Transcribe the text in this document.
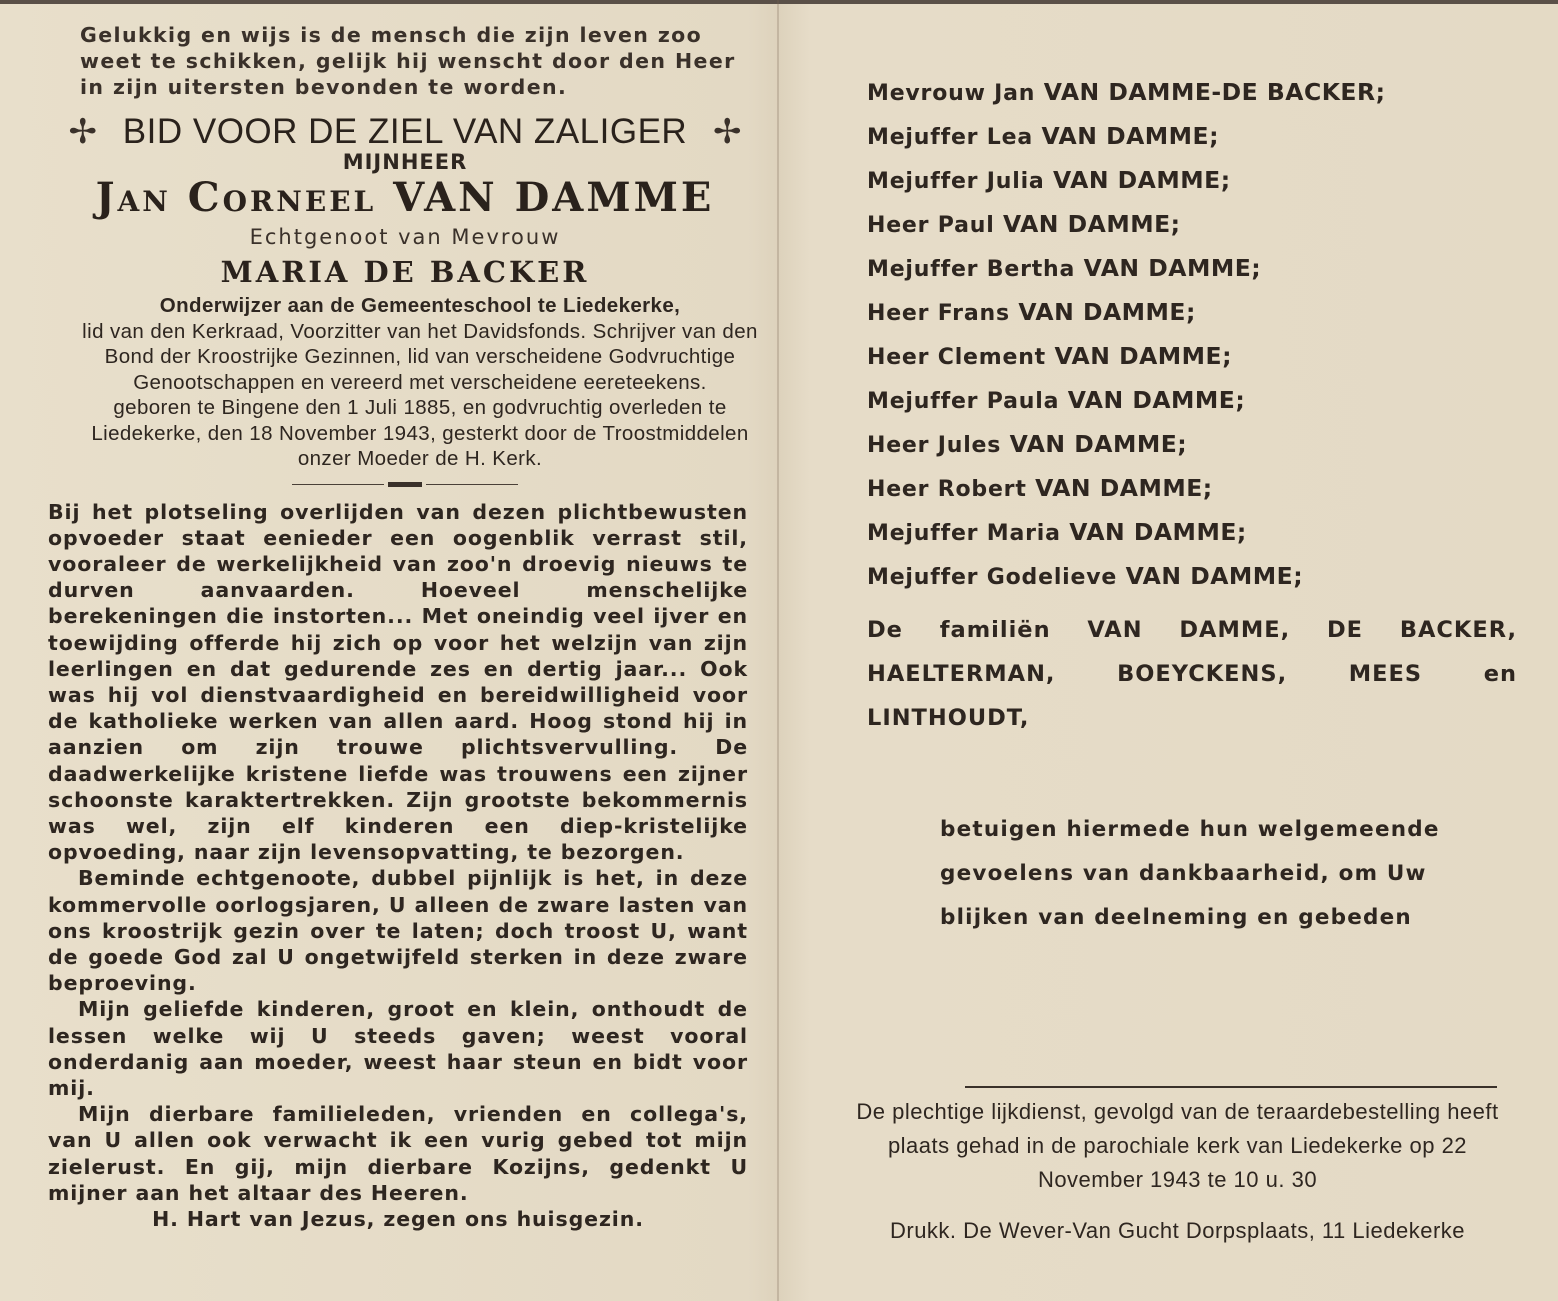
Gelukkig en wijs is de mensch die zijn leven zoo weet te schikken, gelijk hij wenscht door den Heer in zijn uitersten bevonden te worden.
✢ BID VOOR DE ZIEL VAN ZALIGER ✢
MIJNHEER
Jan Corneel VAN DAMME
Echtgenoot van Mevrouw
MARIA DE BACKER
Onderwijzer aan de Gemeenteschool te Liedekerke,
lid van den Kerkraad, Voorzitter van het Davidsfonds. Schrijver van den Bond der Kroostrijke Gezinnen, lid van verscheidene Godvruchtige Genootschappen en vereerd met verscheidene eereteekens.
geboren te Bingene den 1 Juli 1885, en godvruchtig overleden te Liedekerke, den 18 November 1943, gesterkt door de Troostmiddelen onzer Moeder de H. Kerk.

Bij het plotseling overlijden van dezen plichtbewusten opvoeder staat eenieder een oogenblik verrast stil, vooraleer de werkelijkheid van zoo'n droevig nieuws te durven aanvaarden. Hoeveel menschelijke berekeningen die instorten... Met oneindig veel ijver en toewijding offerde hij zich op voor het welzijn van zijn leerlingen en dat gedurende zes en dertig jaar... Ook was hij vol dienstvaardigheid en bereidwilligheid voor de katholieke werken van allen aard. Hoog stond hij in aanzien om zijn trouwe plichtsvervulling. De daadwerkelijke kristene liefde was trouwens een zijner schoonste karaktertrekken. Zijn grootste bekommernis was wel, zijn elf kinderen een diep-kristelijke opvoeding, naar zijn levensopvatting, te bezorgen.

Beminde echtgenoote, dubbel pijnlijk is het, in deze kommervolle oorlogsjaren, U alleen de zware lasten van ons kroostrijk gezin over te laten; doch troost U, want de goede God zal U ongetwijfeld sterken in deze zware beproeving.

Mijn geliefde kinderen, groot en klein, onthoudt de lessen welke wij U steeds gaven; weest vooral onderdanig aan moeder, weest haar steun en bidt voor mij.

Mijn dierbare familieleden, vrienden en collega's, van U allen ook verwacht ik een vurig gebed tot mijn zielerust. En gij, mijn dierbare Kozijns, gedenkt U mijner aan het altaar des Heeren.

H. Hart van Jezus, zegen ons huisgezin.

Mevrouw Jan VAN DAMME-DE BACKER;
Mejuffer Lea VAN DAMME;
Mejuffer Julia VAN DAMME;
Heer Paul VAN DAMME;
Mejuffer Bertha VAN DAMME;
Heer Frans VAN DAMME;
Heer Clement VAN DAMME;
Mejuffer Paula VAN DAMME;
Heer Jules VAN DAMME;
Heer Robert VAN DAMME;
Mejuffer Maria VAN DAMME;
Mejuffer Godelieve VAN DAMME;
De familiën VAN DAMME, DE BACKER, HAELTERMAN, BOEYCKENS, MEES en LINTHOUDT,
betuigen hiermede hun welgemeende gevoelens van dankbaarheid, om Uw blijken van deelneming en gebeden
De plechtige lijkdienst, gevolgd van de teraardebestelling heeft plaats gehad in de parochiale kerk van Liedekerke op 22 November 1943 te 10 u. 30
Drukk. De Wever-Van Gucht Dorpsplaats, 11 Liedekerke
